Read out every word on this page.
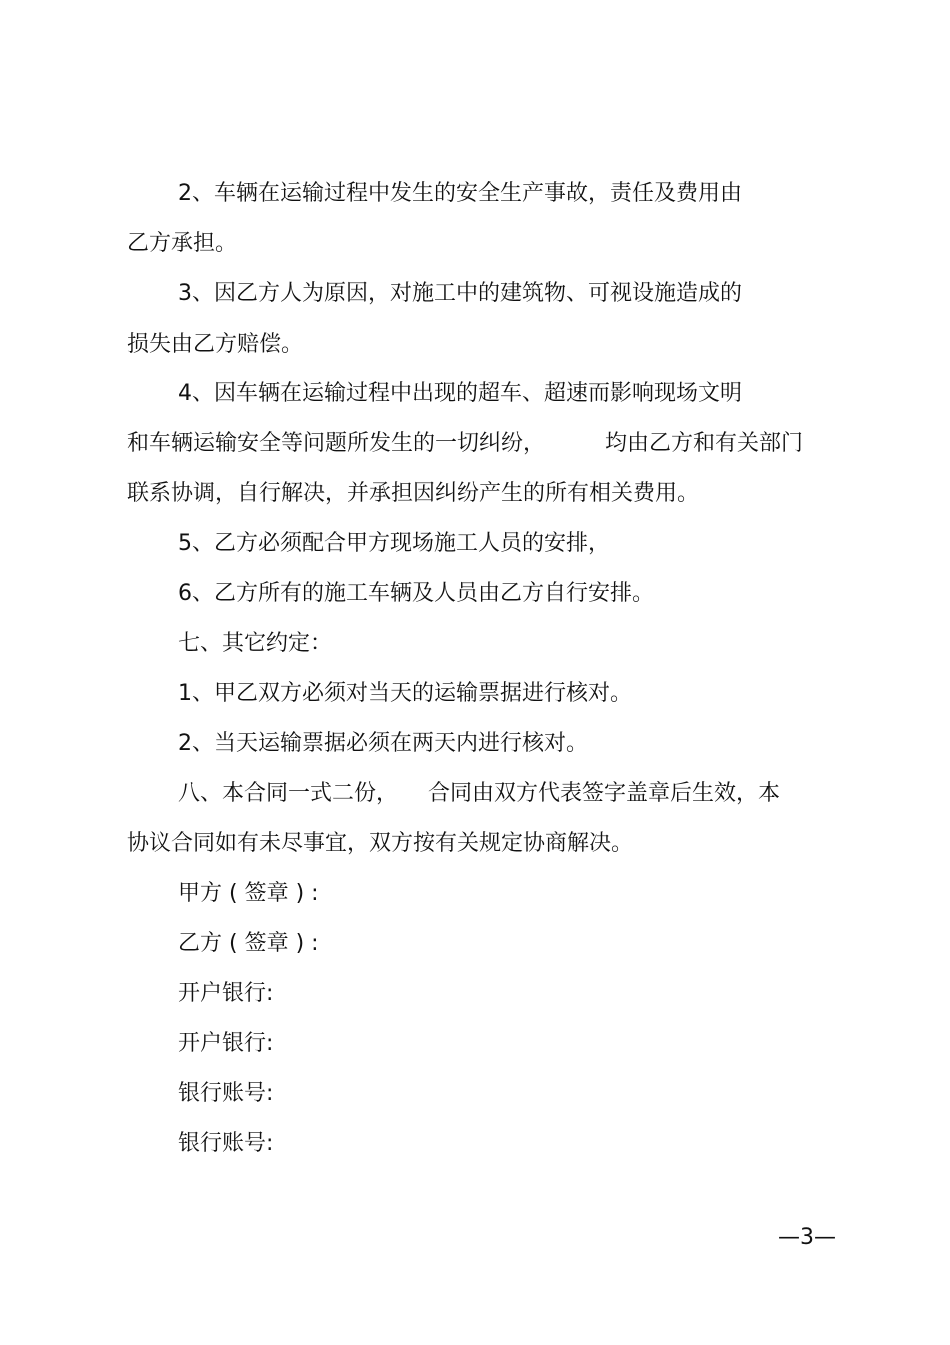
2、车辆在运输过程中发生的安全生产事故，责任及费用由
乙方承担。
3、因乙方人为原因，对施工中的建筑物、可视设施造成的
损失由乙方赔偿。
4、因车辆在运输过程中出现的超车、超速而影响现场文明
和车辆运输安全等问题所发生的一切纠纷，	均由乙方和有关部门
联系协调，自行解决，并承担因纠纷产生的所有相关费用。
5、乙方必须配合甲方现场施工人员的安排，
6、乙方所有的施工车辆及人员由乙方自行安排。
七、其它约定：
1、甲乙双方必须对当天的运输票据进行核对。
2、当天运输票据必须在两天内进行核对。
八、本合同一式二份， 合同由双方代表签字盖章后生效，本
协议合同如有未尽事宜，双方按有关规定协商解决。
甲方 ( 签章 ) :
乙方 ( 签章 ) :
开户银行:
开户银行:
银行账号:
银行账号:
—3—
